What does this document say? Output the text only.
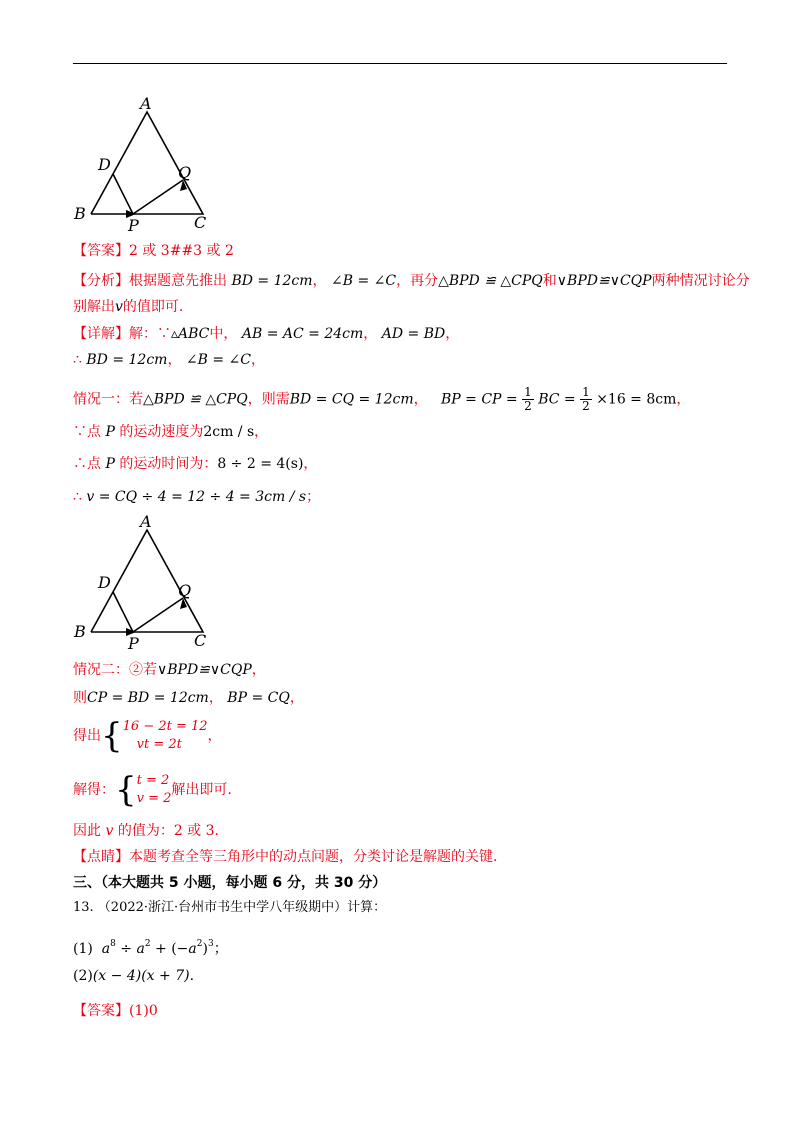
A
D	Q
B
P	C
【答案】2 或 3##3 或 2
【分析】根据题意先推出 BD = 12cm， ∠B = ∠C，再分△BPD ≌ △CPQ和∨BPD≌∨CQP两种情况讨论分
别解出v的值即可.
【详解】解：∵▵ABC中， AB = AC = 24cm， AD = BD，
∴ BD = 12cm， ∠B = ∠C，
情况一：若△BPD ≌ △CPQ，则需BD = CQ = 12cm， BP = CP = $\frac{1}{2}$ BC = $\frac{1}{2} \times 16 = 8cm$，
∵点 P 的运动速度为2cm / s，
∴点 P 的运动时间为：8 ÷ 2 = 4(s)，
∴ v = CQ ÷ 4 = 12 ÷ 4 = 3cm / s；
A
D	Q
B
P	C
情况二：②若∨BPD≌∨CQP，
则CP = BD = 12cm， BP = CQ，
得出{ 16 − 2t = 12
vt = 2t
，
解得：{ t = 2
v = 2
解出即可.
因此 v 的值为：2 或 3.
【点睛】本题考查全等三角形中的动点问题，分类讨论是解题的关键.
三、（本大题共 5 小题，每小题 6 分，共 30 分）
13. （2022·浙江·台州市书生中学八年级期中）计算：
(1) $a^8 \div a^2 + (-a^2)^3$；
(2)(x − 4)(x + 7).
【答案】(1)0
